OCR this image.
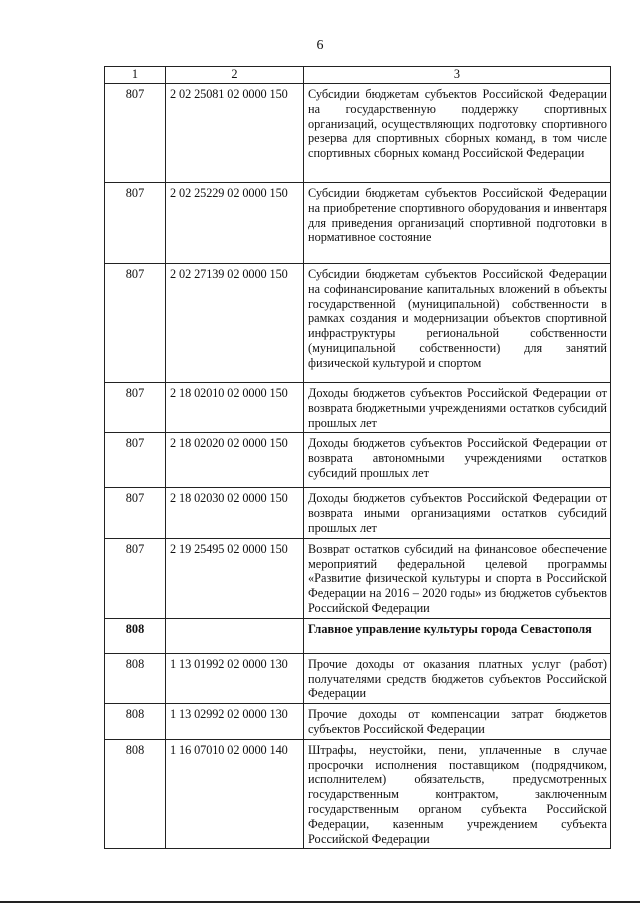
6
1	2	3
807	2 02 25081 02 0000 150	Субсидии бюджетам субъектов Российской Федерации на государственную поддержку спортивных организаций, осуществляющих подготовку спортивного резерва для спортивных сборных команд, в том числе спортивных сборных команд Российской Федерации
807	2 02 25229 02 0000 150	Субсидии бюджетам субъектов Российской Федерации на приобретение спортивного оборудования и инвентаря для приведения организаций спортивной подготовки в нормативное состояние
807	2 02 27139 02 0000 150	Субсидии бюджетам субъектов Российской Федерации на софинансирование капитальных вложений в объекты государственной (муниципальной) собственности в рамках создания и модернизации объектов спортивной инфраструктуры региональной собственности (муниципальной собственности) для занятий физической культурой и спортом
807	2 18 02010 02 0000 150	Доходы бюджетов субъектов Российской Федерации от возврата бюджетными учреждениями остатков субсидий прошлых лет
807	2 18 02020 02 0000 150	Доходы бюджетов субъектов Российской Федерации от возврата автономными учреждениями остатков субсидий прошлых лет
807	2 18 02030 02 0000 150	Доходы бюджетов субъектов Российской Федерации от возврата иными организациями остатков субсидий прошлых лет
807	2 19 25495 02 0000 150	Возврат остатков субсидий на финансовое обеспечение мероприятий федеральной целевой программы «Развитие физической культуры и спорта в Российской Федерации на 2016 – 2020 годы» из бюджетов субъектов Российской Федерации
808		Главное управление культуры города Севастополя
808	1 13 01992 02 0000 130	Прочие доходы от оказания платных услуг (работ) получателями средств бюджетов субъектов Российской Федерации
808	1 13 02992 02 0000 130	Прочие доходы от компенсации затрат бюджетов субъектов Российской Федерации
808	1 16 07010 02 0000 140	Штрафы, неустойки, пени, уплаченные в случае просрочки исполнения поставщиком (подрядчиком, исполнителем) обязательств, предусмотренных государственным контрактом, заключенным государственным органом субъекта Российской Федерации, казенным учреждением субъекта Российской Федерации
